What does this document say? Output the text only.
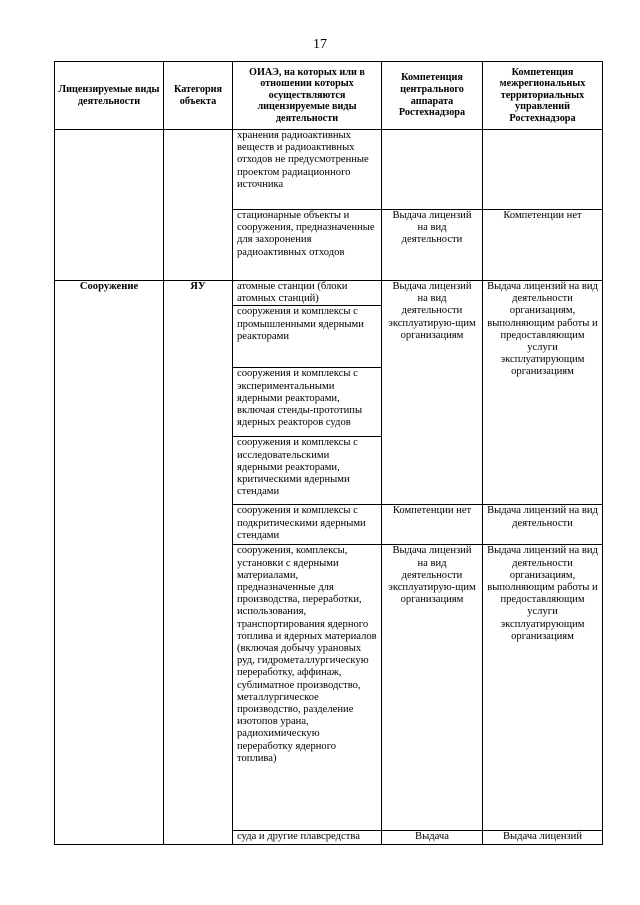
17
Лицензируемые виды деятельности	Категория объекта	ОИАЭ, на которых или в отношении которых осуществляются лицензируемые виды деятельности	Компетенция центрального аппарата Ростехнадзора	Компетенция межрегиональных территориальных управлений Ростехнадзора
		хранения радиоактивных веществ и радиоактивных отходов не предусмотренные проектом радиационного источника		
		стационарные объекты и сооружения, предназначенные для захоронения радиоактивных отходов	Выдача лицензий на вид деятельности	Компетенции нет
Сооружение	ЯУ	атомные станции (блоки атомных станций)	Выдача лицензий на вид деятельности эксплуатирую-щим организациям	Выдача лицензий на вид деятельности организациям, выполняющим работы и предоставляющим услуги эксплуатирующим организациям
		сооружения и комплексы с промышленными ядерными реакторами		
		сооружения и комплексы с экспериментальными ядерными реакторами, включая стенды-прототипы ядерных реакторов судов		
		сооружения и комплексы с исследовательскими ядерными реакторами, критическими ядерными стендами		
		сооружения и комплексы с подкритическими ядерными стендами	Компетенции нет	Выдача лицензий на вид деятельности
		сооружения, комплексы, установки с ядерными материалами, предназначенные для производства, переработки, использования, транспортирования ядерного топлива и ядерных материалов (включая добычу урановых руд, гидрометаллургическую переработку, аффинаж, сублиматное производство, металлургическое производство, разделение изотопов урана, радиохимическую переработку ядерного топлива)	Выдача лицензий на вид деятельности эксплуатирую-щим организациям	Выдача лицензий на вид деятельности организациям, выполняющим работы и предоставляющим услуги эксплуатирующим организациям
		суда и другие плавсредства	Выдача	Выдача лицензий
